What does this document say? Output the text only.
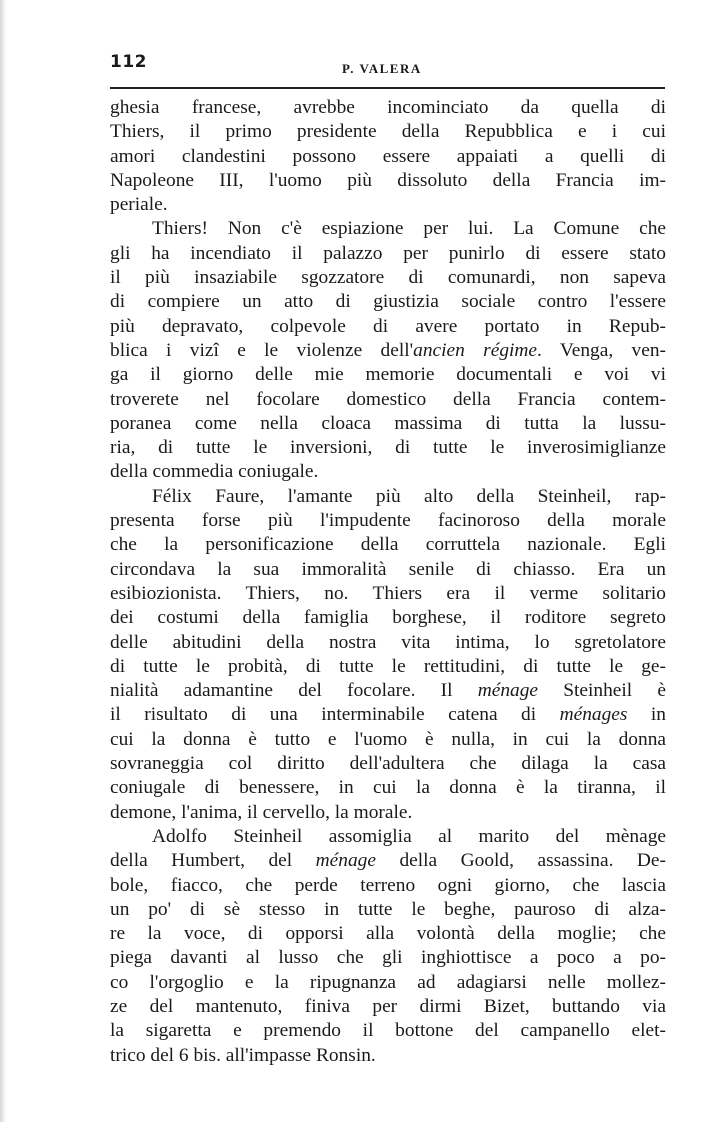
112	P. VALERA
ghesia francese, avrebbe incominciato da quella di
Thiers, il primo presidente della Repubblica e i cui
amori clandestini possono essere appaiati a quelli di
Napoleone III, l'uomo più dissoluto della Francia im-
periale.
Thiers! Non c'è espiazione per lui. La Comune che
gli ha incendiato il palazzo per punirlo di essere stato
il più insaziabile sgozzatore di comunardi, non sapeva
di compiere un atto di giustizia sociale contro l'essere
più depravato, colpevole di avere portato in Repub-
blica i vizî e le violenze dell'ancien régime. Venga, ven-
ga il giorno delle mie memorie documentali e voi vi
troverete nel focolare domestico della Francia contem-
poranea come nella cloaca massima di tutta la lussu-
ria, di tutte le inversioni, di tutte le inverosimiglianze
della commedia coniugale.
Félix Faure, l'amante più alto della Steinheil, rap-
presenta forse più l'impudente facinoroso della morale
che la personificazione della corruttela nazionale. Egli
circondava la sua immoralità senile di chiasso. Era un
esibiozionista. Thiers, no. Thiers era il verme solitario
dei costumi della famiglia borghese, il roditore segreto
delle abitudini della nostra vita intima, lo sgretolatore
di tutte le probità, di tutte le rettitudini, di tutte le ge-
nialità adamantine del focolare. Il ménage Steinheil è
il risultato di una interminabile catena di ménages in
cui la donna è tutto e l'uomo è nulla, in cui la donna
sovraneggia col diritto dell'adultera che dilaga la casa
coniugale di benessere, in cui la donna è la tiranna, il
demone, l'anima, il cervello, la morale.
Adolfo Steinheil assomiglia al marito del mènage
della Humbert, del ménage della Goold, assassina. De-
bole, fiacco, che perde terreno ogni giorno, che lascia
un po' di sè stesso in tutte le beghe, pauroso di alza-
re la voce, di opporsi alla volontà della moglie; che
piega davanti al lusso che gli inghiottisce a poco a po-
co l'orgoglio e la ripugnanza ad adagiarsi nelle mollez-
ze del mantenuto, finiva per dirmi Bizet, buttando via
la sigaretta e premendo il bottone del campanello elet-
trico del 6 bis. all'impasse Ronsin.
